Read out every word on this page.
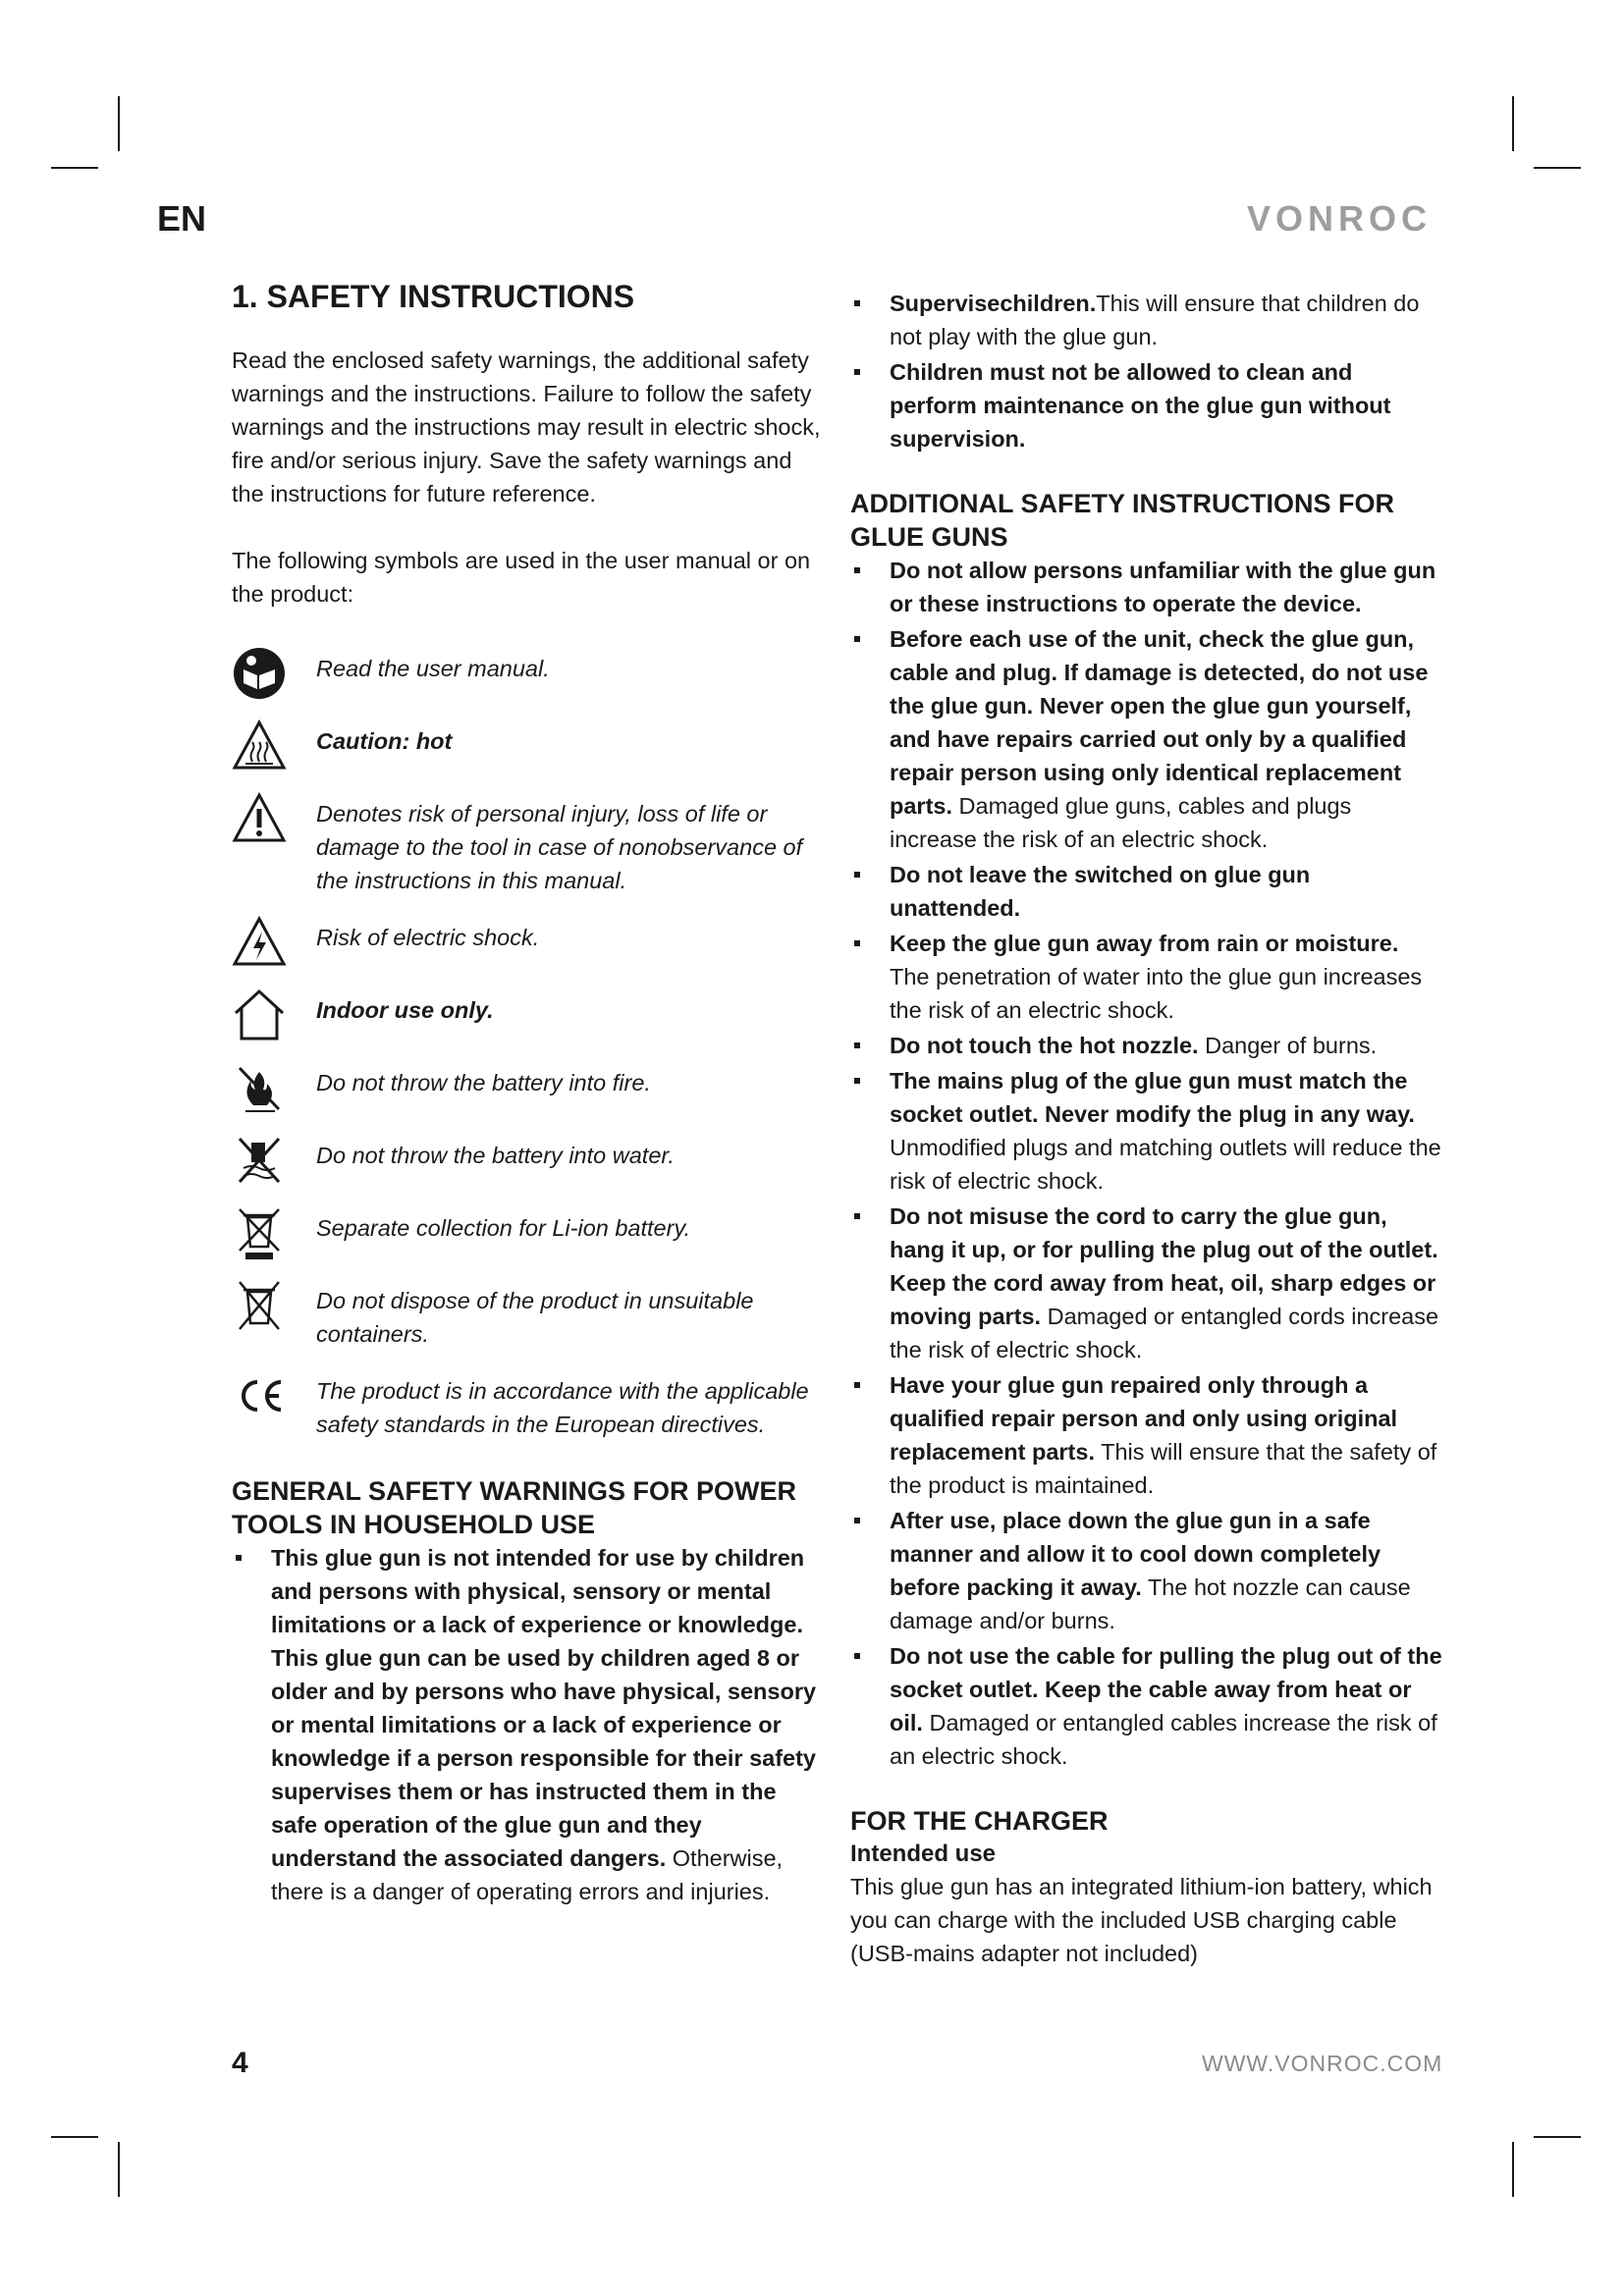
EN	VONROC
1. SAFETY INSTRUCTIONS

Read the enclosed safety warnings, the additional safety warnings and the instructions. Failure to follow the safety warnings and the instructions may result in electric shock, fire and/or serious injury. Save the safety warnings and the instructions for future reference.

The following symbols are used in the user manual or on the product:

Read the user manual.
Caution: hot
Denotes risk of personal injury, loss of life or damage to the tool in case of nonobservance of the instructions in this manual.
Risk of electric shock.
Indoor use only.
Do not throw the battery into fire.
Do not throw the battery into water.
Separate collection for Li-ion battery.
Do not dispose of the product in unsuitable containers.
The product is in accordance with the applicable safety standards in the European directives.
GENERAL SAFETY WARNINGS FOR POWER TOOLS IN HOUSEHOLD USE
This glue gun is not intended for use by children and persons with physical, sensory or mental limitations or a lack of experience or knowledge. This glue gun can be used by children aged 8 or older and by persons who have physical, sensory or mental limitations or a lack of experience or knowledge if a person responsible for their safety supervises them or has instructed them in the safe operation of the glue gun and they understand the associated dangers. Otherwise, there is a danger of operating errors and injuries.
Supervisechildren.This will ensure that children do not play with the glue gun.
Children must not be allowed to clean and perform maintenance on the glue gun without supervision.
ADDITIONAL SAFETY INSTRUCTIONS FOR GLUE GUNS
Do not allow persons unfamiliar with the glue gun or these instructions to operate the device.
Before each use of the unit, check the glue gun, cable and plug. If damage is detected, do not use the glue gun. Never open the glue gun yourself, and have repairs carried out only by a qualified repair person using only identical replacement parts. Damaged glue guns, cables and plugs increase the risk of an electric shock.
Do not leave the switched on glue gun unattended.
Keep the glue gun away from rain or moisture. The penetration of water into the glue gun increases the risk of an electric shock.
Do not touch the hot nozzle. Danger of burns.
The mains plug of the glue gun must match the socket outlet. Never modify the plug in any way. Unmodified plugs and matching outlets will reduce the risk of electric shock.
Do not misuse the cord to carry the glue gun, hang it up, or for pulling the plug out of the outlet. Keep the cord away from heat, oil, sharp edges or moving parts. Damaged or entangled cords increase the risk of electric shock.
Have your glue gun repaired only through a qualified repair person and only using original replacement parts. This will ensure that the safety of the product is maintained.
After use, place down the glue gun in a safe manner and allow it to cool down completely before packing it away. The hot nozzle can cause damage and/or burns.
Do not use the cable for pulling the plug out of the socket outlet. Keep the cable away from heat or oil. Damaged or entangled cables increase the risk of an electric shock.
FOR THE CHARGER
Intended use

This glue gun has an integrated lithium-ion battery, which you can charge with the included USB charging cable (USB-mains adapter not included)

4	WWW.VONROC.COM
